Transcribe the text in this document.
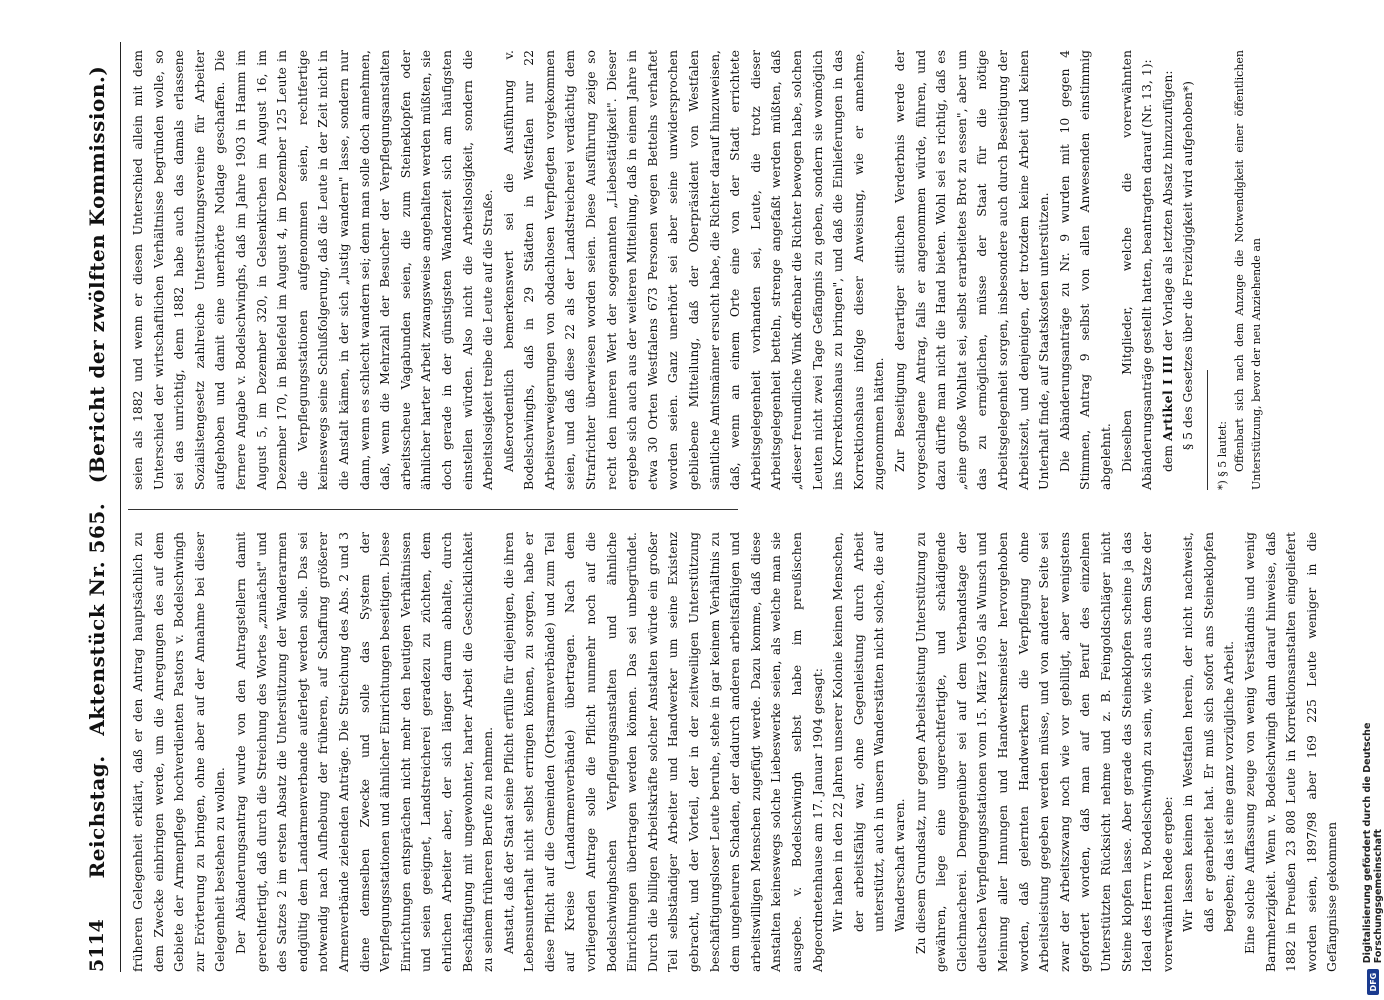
5114
Reichstag. Aktenstück Nr. 565. (Bericht der zwölften Kommission.)

früheren Gelegenheit erklärt, daß er den Antrag hauptsächlich zu dem Zwecke einbringen werde, um die Anregungen des auf dem Gebiete der Armenpflege hochverdienten Pastors v. Bodelschwingh zur Erörterung zu bringen, ohne aber auf der Annahme bei dieser Gelegenheit bestehen zu wollen. Der Abänderungsantrag wurde von den Antragstellern damit gerechtfertigt, daß durch die Streichung des Wortes „zunächst" und des Satzes 2 im ersten Absatz die Unterstützung der Wanderarmen endgültig dem Landarmenverbande auferlegt werden solle. Das sei notwendig nach Aufhebung der früheren, auf Schaffung größerer Armenverbände zielenden Anträge. Die Streichung des Abs. 2 und 3 diene demselben Zwecke und solle das System der Verpflegungsstationen und ähnlicher Einrichtungen beseitigen. Diese Einrichtungen entsprächen nicht mehr den heutigen Verhältnissen und seien geeignet, Landstreicherei geradezu zu züchten, dem ehrlichen Arbeiter aber, der sich länger darum abhalte, durch Beschäftigung mit ungewohnter, harter Arbeit die Geschicklichkeit zu seinem früheren Berufe zu nehmen. Anstatt, daß der Staat seine Pflicht erfülle für diejenigen, die ihren Lebensunterhalt nicht selbst erringen können, zu sorgen, habe er diese Pflicht auf die Gemeinden (Ortsarmenverbände) und zum Teil auf Kreise (Landarmenverbände) übertragen. Nach dem vorliegenden Antrage solle die Pflicht nunmehr noch auf die Bodelschwinghschen Verpflegungsanstalten und ähnliche Einrichtungen übertragen werden können. Das sei unbegründet. Durch die billigen Arbeitskräfte solcher Anstalten würde ein großer Teil selbständiger Arbeiter und Handwerker um seine Existenz gebracht, und der Vorteil, der in der zeitweiligen Unterstützung beschäftigungsloser Leute beruhe, stehe in gar keinem Verhältnis zu dem ungeheuren Schaden, der dadurch anderen arbeitsfähigen und arbeitswilligen Menschen zugefügt werde. Dazu komme, daß diese Anstalten keineswegs solche Liebeswerke seien, als welche man sie ausgebe. v. Bodelschwingh selbst habe im preußischen Abgeordnetenhause am 17. Januar 1904 gesagt: Wir haben in den 22 Jahren unserer Kolonie keinen Menschen, der arbeitsfähig war, ohne Gegenleistung durch Arbeit unterstützt, auch in unsern Wanderstätten nicht solche, die auf Wanderschaft waren. Zu diesem Grundsatz, nur gegen Arbeitsleistung Unterstützung zu gewähren, liege eine ungerechtfertigte, und schädigende Gleichmacherei. Demgegenüber sei auf dem Verbandstage der deutschen Verpflegungsstationen vom 15. März 1905 als Wunsch und Meinung aller Innungen und Handwerksmeister hervorgehoben worden, daß gelernten Handwerkern die Verpflegung ohne Arbeitsleistung gegeben werden müsse, und von anderer Seite sei zwar der Arbeitszwang noch wie vor gebilligt, aber wenigstens gefordert worden, daß man auf den Beruf des einzelnen Unterstützten Rücksicht nehme und z. B. Feingoldschläger nicht Steine klopfen lasse. Aber gerade das Steineklopfen scheine ja das Ideal des Herrn v. Bodelschwingh zu sein, wie sich aus dem Satze der vorerwähnten Rede ergebe: Wir lassen keinen in Westfalen herein, der nicht nachweist, daß er gearbeitet hat. Er muß sich sofort ans Steineklopfen begeben; das ist eine ganz vorzügliche Arbeit. Eine solche Auffassung zeuge von wenig Verständnis und wenig Barmherzigkeit. Wenn v. Bodelschwingh dann darauf hinweise, daß 1882 in Preußen 23 808 Leute in Korrektionsanstalten eingeliefert worden seien, 1897/98 aber 169 225 Leute weniger in die Gefängnisse gekommen

seien als 1882 und wenn er diesen Unterschied allein mit dem Unterschied der wirtschaftlichen Verhältnisse begründen wolle, so sei das unrichtig, denn 1882 habe auch das damals erlassene Sozialistengesetz zahlreiche Unterstützungsvereine für Arbeiter aufgehoben und damit eine unerhörte Notlage geschaffen. Die fernere Angabe v. Bodelschwinghs, daß im Jahre 1903 in Hamm im August 5, im Dezember 320, in Gelsenkirchen im August 16, im Dezember 170, in Bielefeld im August 4, im Dezember 125 Leute in die Verpflegungsstationen aufgenommen seien, rechtfertige keineswegs seine Schlußfolgerung, daß die Leute in der Zeit nicht in die Anstalt kämen, in der sich „lustig wandern" lasse, sondern nur dann, wenn es schlecht wandern sei; denn man solle doch annehmen, daß, wenn die Mehrzahl der Besucher der Verpflegungsanstalten arbeitsscheue Vagabunden seien, die zum Steineklopfen oder ähnlicher harter Arbeit zwangsweise angehalten werden müßten, sie doch gerade in der günstigsten Wanderzeit sich am häufigsten einstellen würden. Also nicht die Arbeitslosigkeit, sondern die Arbeitslosigkeit treibe die Leute auf die Straße. Außerordentlich bemerkenswert sei die Ausführung v. Bodelschwinghs, daß in 29 Städten in Westfalen nur 22 Arbeitsverweigerungen von obdachlosen Verpflegten vorgekommen seien, und daß diese 22 als der Landstreicherei verdächtig dem Strafrichter überwiesen worden seien. Diese Ausführung zeige so recht den inneren Wert der sogenannten „Liebestätigkeit". Dieser ergebe sich auch aus der weiteren Mitteilung, daß in einem Jahre in etwa 30 Orten Westfalens 673 Personen wegen Bettelns verhaftet worden seien. Ganz unerhört sei aber seine unwidersprochen gebliebene Mitteilung, daß der Oberpräsident von Westfalen sämtliche Amtsmänner ersucht habe, die Richter darauf hinzuweisen, daß, wenn an einem Orte eine von der Stadt errichtete Arbeitsgelegenheit vorhanden sei, Leute, die trotz dieser Arbeitsgelegenheit betteln, strenge angefaßt werden müßten, daß „dieser freundliche Wink offenbar die Richter bewogen habe, solchen Leuten nicht zwei Tage Gefängnis zu geben, sondern sie womöglich ins Korrektionshaus zu bringen", und daß die Einlieferungen in das Korrektionshaus infolge dieser Anweisung, wie er annehme, zugenommen hätten. Zur Beseitigung derartiger sittlichen Verderbnis werde der vorgeschlagene Antrag, falls er angenommen würde, führen, und dazu dürfte man nicht die Hand bieten. Wohl sei es richtig, daß es „eine große Wohltat sei, selbst erarbeitetes Brot zu essen", aber um das zu ermöglichen, müsse der Staat für die nötige Arbeitsgelegenheit sorgen, insbesondere auch durch Beseitigung der Arbeitszeit, und denjenigen, der trotzdem keine Arbeit und keinen Unterhalt finde, auf Staatskosten unterstützen. Die Abänderungsanträge zu Nr. 9 wurden mit 10 gegen 4 Stimmen, Antrag 9 selbst von allen Anwesenden einstimmig abgelehnt. Dieselben Mitglieder, welche die vorerwähnten Abänderungsanträge gestellt hatten, beantragten darauf (Nr. 13, 1): dem Artikel I III der Vorlage als letzten Absatz hinzuzufügen: § 5 des Gesetzes über die Freizügigkeit wird aufgehoben*)

*) § 5 lautet: Offenbart sich nach dem Anzuge die Notwendigkeit einer öffentlichen Unterstützung, bevor der neu Anziehende an

DFG
Digitalisierung gefördert durch die Deutsche Forschungsgemeinschaft
